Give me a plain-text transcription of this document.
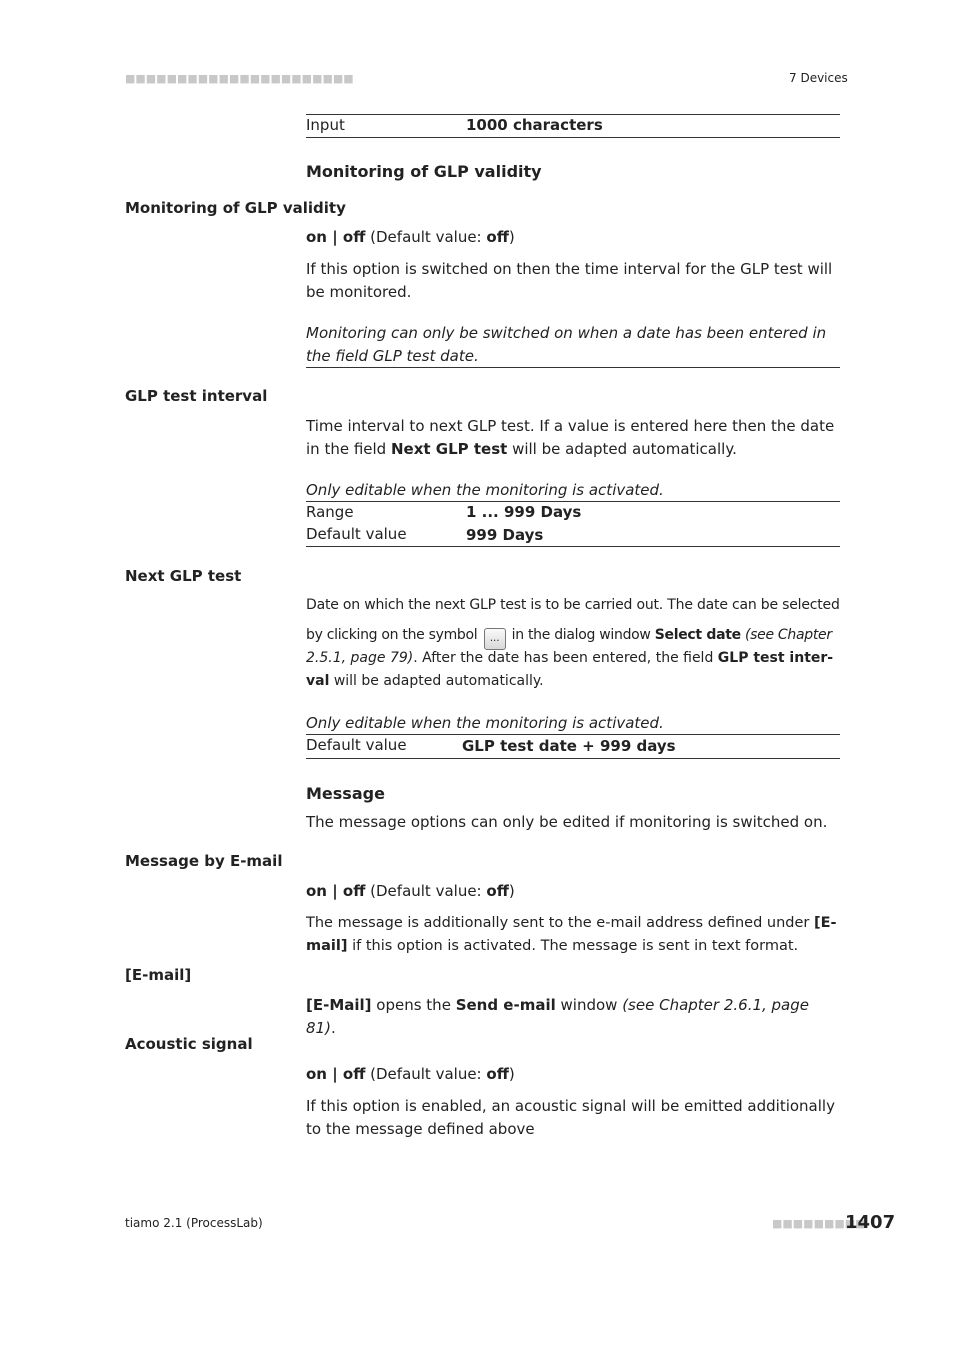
■■■■■■■■■■■■■■■■■■■■■■	7 Devices
Input	1000 characters
Monitoring of GLP validity
Monitoring of GLP validity
on | off (Default value: off)
If this option is switched on then the time interval for the GLP test will be monitored.
Monitoring can only be switched on when a date has been entered in the field GLP test date.
GLP test interval
Time interval to next GLP test. If a value is entered here then the date in the field Next GLP test will be adapted automatically.
Only editable when the monitoring is activated.
Range	1 ... 999 Days
Default value	999 Days
Next GLP test
Date on which the next GLP test is to be carried out. The date can be selected
by clicking on the symbol ... in the dialog window Select date (see Chapter
2.5.1, page 79). After the date has been entered, the field GLP test inter-
val will be adapted automatically.
Only editable when the monitoring is activated.
Default value	GLP test date + 999 days
Message
The message options can only be edited if monitoring is switched on.
Message by E-mail
on | off (Default value: off)
The message is additionally sent to the e-mail address defined under [E-
mail] if this option is activated. The message is sent in text format.
[E-mail]
[E-Mail] opens the Send e-mail window (see Chapter 2.6.1, page 81).
Acoustic signal
on | off (Default value: off)
If this option is enabled, an acoustic signal will be emitted additionally to the message defined above
tiamo 2.1 (ProcessLab)	■■■■■■■■■
1407
